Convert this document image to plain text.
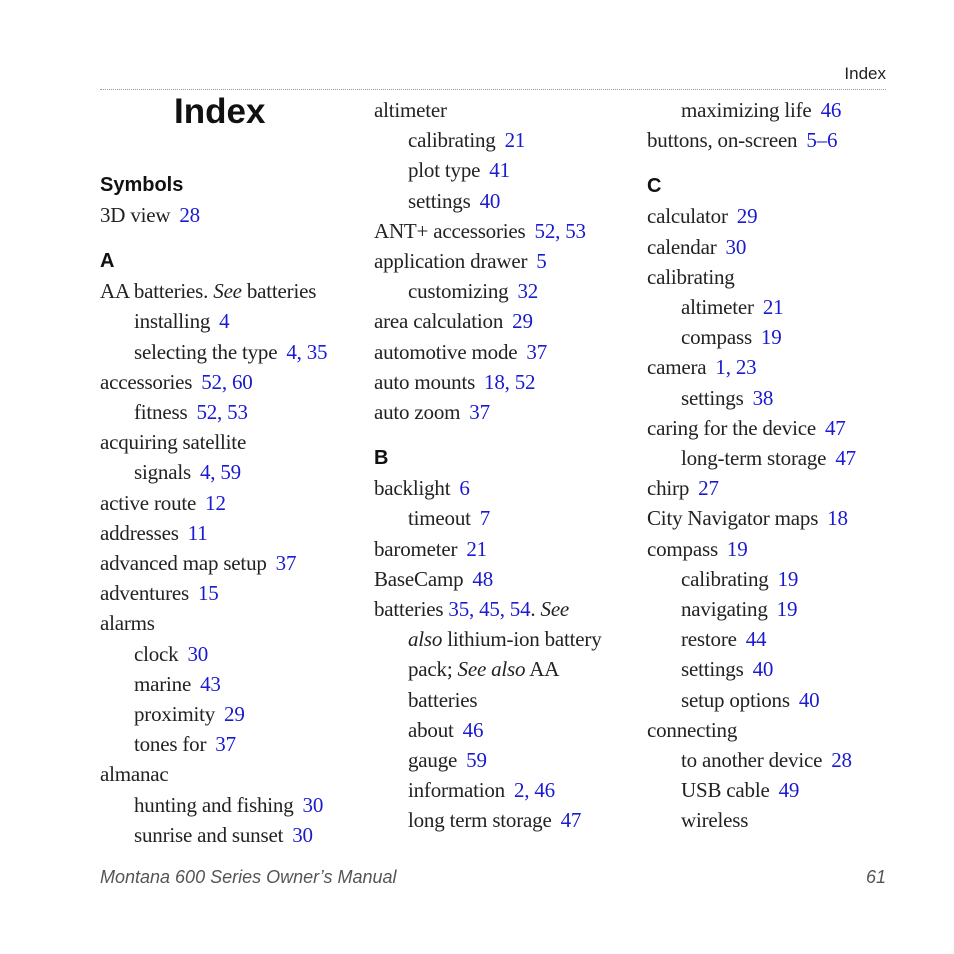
Index
Index
Symbols
3D view 28
A
AA batteries. See batteries
installing 4
selecting the type 4, 35
accessories 52, 60
fitness 52, 53
acquiring satellite
signals 4, 59
active route 12
addresses 11
advanced map setup 37
adventures 15
alarms
clock 30
marine 43
proximity 29
tones for 37
almanac
hunting and fishing 30
sunrise and sunset 30
altimeter
calibrating 21
plot type 41
settings 40
ANT+ accessories 52, 53
application drawer 5
customizing 32
area calculation 29
automotive mode 37
auto mounts 18, 52
auto zoom 37
B
backlight 6
timeout 7
barometer 21
BaseCamp 48
batteries 35, 45, 54. See
also lithium-ion battery
pack; See also AA
batteries
about 46
gauge 59
information 2, 46
long term storage 47
maximizing life 46
buttons, on-screen 5–6
C
calculator 29
calendar 30
calibrating
altimeter 21
compass 19
camera 1, 23
settings 38
caring for the device 47
long-term storage 47
chirp 27
City Navigator maps 18
compass 19
calibrating 19
navigating 19
restore 44
settings 40
setup options 40
connecting
to another device 28
USB cable 49
wireless
Montana 600 Series Owner’s Manual	61
